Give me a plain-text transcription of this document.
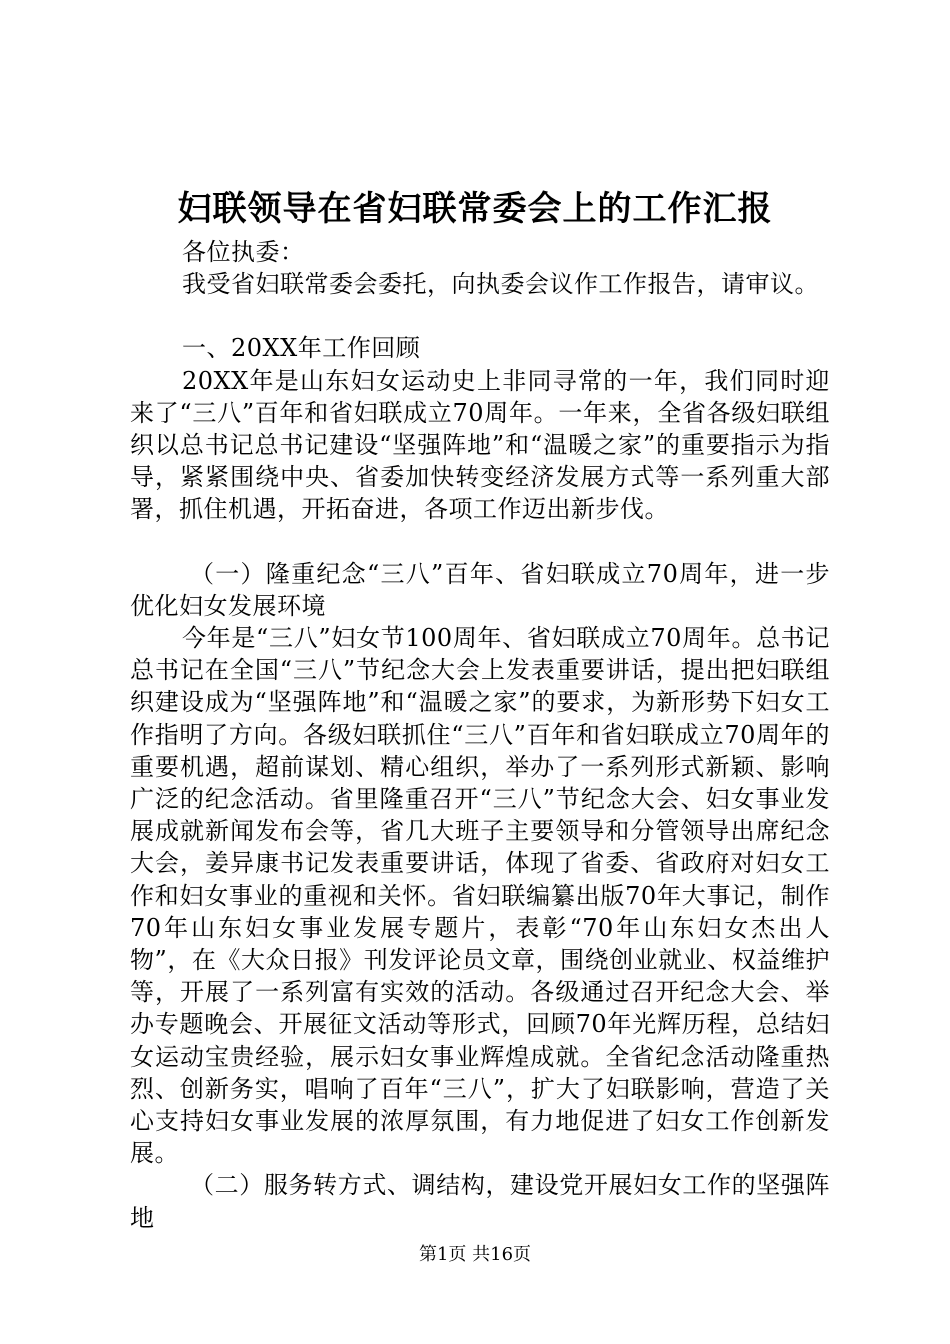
妇联领导在省妇联常委会上的工作汇报

各位执委：

我受省妇联常委会委托，向执委会议作工作报告，请审议。

一、20XX年工作回顾

20XX年是山东妇女运动史上非同寻常的一年，我们同时迎来了“三八”百年和省妇联成立70周年。一年来，全省各级妇联组织以总书记总书记建设“坚强阵地”和“温暖之家”的重要指示为指导，紧紧围绕中央、省委加快转变经济发展方式等一系列重大部署，抓住机遇，开拓奋进，各项工作迈出新步伐。

（一）隆重纪念“三八”百年、省妇联成立70周年，进一步优化妇女发展环境

今年是“三八”妇女节100周年、省妇联成立70周年。总书记总书记在全国“三八”节纪念大会上发表重要讲话，提出把妇联组织建设成为“坚强阵地”和“温暖之家”的要求，为新形势下妇女工作指明了方向。各级妇联抓住“三八”百年和省妇联成立70周年的重要机遇，超前谋划、精心组织，举办了一系列形式新颖、影响广泛的纪念活动。省里隆重召开“三八”节纪念大会、妇女事业发展成就新闻发布会等，省几大班子主要领导和分管领导出席纪念大会，姜异康书记发表重要讲话，体现了省委、省政府对妇女工作和妇女事业的重视和关怀。省妇联编纂出版70年大事记，制作70年山东妇女事业发展专题片，表彰“70年山东妇女杰出人物”，在《大众日报》刊发评论员文章，围绕创业就业、权益维护等，开展了一系列富有实效的活动。各级通过召开纪念大会、举办专题晚会、开展征文活动等形式，回顾70年光辉历程，总结妇女运动宝贵经验，展示妇女事业辉煌成就。全省纪念活动隆重热烈、创新务实，唱响了百年“三八”，扩大了妇联影响，营造了关心支持妇女事业发展的浓厚氛围，有力地促进了妇女工作创新发展。

（二）服务转方式、调结构，建设党开展妇女工作的坚强阵地

第1页 共16页
